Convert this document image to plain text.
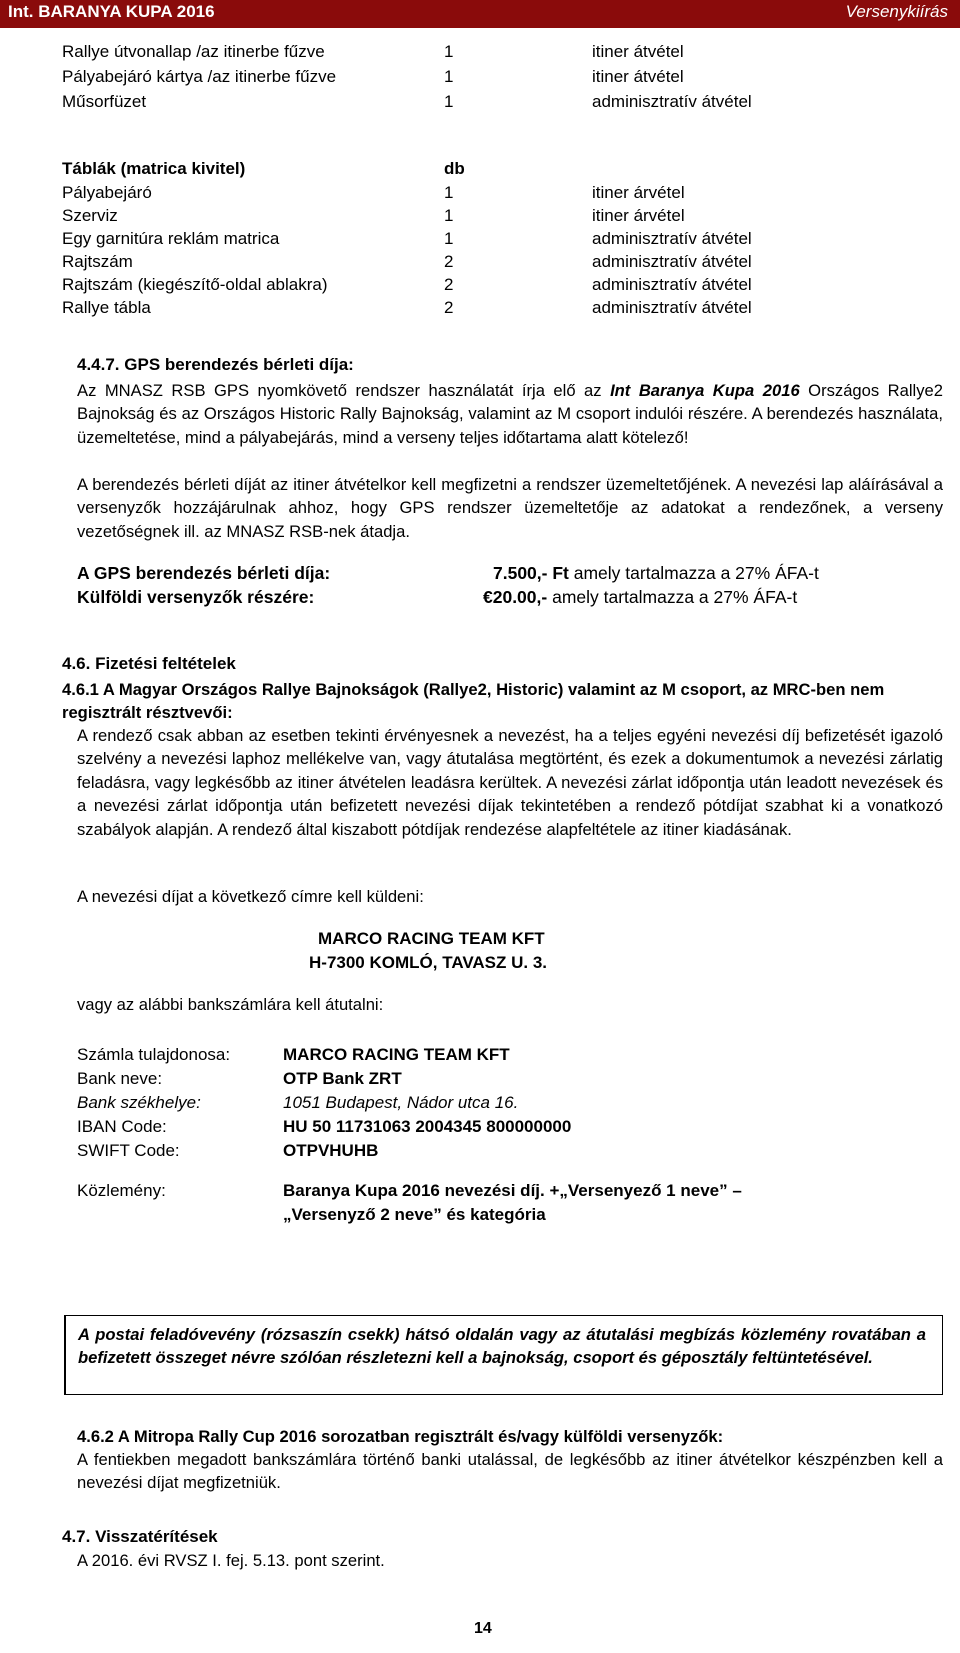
Int. BARANYA KUPA 2016	Versenykiírás
Rallye útvonallap /az itinerbe fűzve	1	itiner átvétel
Pályabejáró kártya /az itinerbe fűzve	1	itiner átvétel
Műsorfüzet	1	adminisztratív átvétel
Táblák (matrica kivitel)	db
Pályabejáró	1	itiner árvétel
Szerviz	1	itiner árvétel
Egy garnitúra reklám matrica	1	adminisztratív átvétel
Rajtszám	2	adminisztratív átvétel
Rajtszám (kiegészítő-oldal ablakra)	2	adminisztratív átvétel
Rallye tábla	2	adminisztratív átvétel
4.4.7. GPS berendezés bérleti díja:

Az MNASZ RSB GPS nyomkövető rendszer használatát írja elő az Int Baranya Kupa 2016 Országos Rallye2 Bajnokság és az Országos Historic Rally Bajnokság, valamint az M csoport indulói részére. A berendezés használata, üzemeltetése, mind a pályabejárás, mind a verseny teljes időtartama alatt kötelező!

A berendezés bérleti díját az itiner átvételkor kell megfizetni a rendszer üzemeltetőjének. A nevezési lap aláírásával a versenyzők hozzájárulnak ahhoz, hogy GPS rendszer üzemeltetője az adatokat a rendezőnek, a verseny vezetőségnek ill. az MNASZ RSB-nek átadja.

A GPS berendezés bérleti díja:	7.500,- Ft amely tartalmazza a 27% ÁFA-t
Külföldi versenyzők részére:	€20.00,- amely tartalmazza a 27% ÁFA-t
4.6. Fizetési feltételek
4.6.1 A Magyar Országos Rallye Bajnokságok (Rallye2, Historic) valamint az M csoport, az MRC-ben nem regisztrált résztvevői:

A rendező csak abban az esetben tekinti érvényesnek a nevezést, ha a teljes egyéni nevezési díj befizetését igazoló szelvény a nevezési laphoz mellékelve van, vagy átutalása megtörtént, és ezek a dokumentumok a nevezési zárlatig feladásra, vagy legkésőbb az itiner átvételen leadásra kerültek. A nevezési zárlat időpontja után leadott nevezések és a nevezési zárlat időpontja után befizetett nevezési díjak tekintetében a rendező pótdíjat szabhat ki a vonatkozó szabályok alapján. A rendező által kiszabott pótdíjak rendezése alapfeltétele az itiner kiadásának.

A nevezési díjat a következő címre kell küldeni:
MARCO RACING TEAM KFT
H-7300 KOMLÓ, TAVASZ U. 3.
vagy az alábbi bankszámlára kell átutalni:
Számla tulajdonosa:	MARCO RACING TEAM KFT
Bank neve:	OTP Bank ZRT
Bank székhelye:	1051 Budapest, Nádor utca 16.
IBAN Code:	HU 50 11731063 2004345 800000000
SWIFT Code:	OTPVHUHB
Közlemény:	Baranya Kupa 2016 nevezési díj. +„Versenyező 1 neve” –
„Versenyző 2 neve” és kategória
A postai feladóvevény (rózsaszín csekk) hátsó oldalán vagy az átutalási megbízás közlemény rovatában a befizetett összeget névre szólóan részletezni kell a bajnokság, csoport és géposztály feltüntetésével.
4.6.2 A Mitropa Rally Cup 2016 sorozatban regisztrált és/vagy külföldi versenyzők:

A fentiekben megadott bankszámlára történő banki utalással, de legkésőbb az itiner átvételkor készpénzben kell a nevezési díjat megfizetniük.

4.7. Visszatérítések
A 2016. évi RVSZ I. fej. 5.13. pont szerint.
14
